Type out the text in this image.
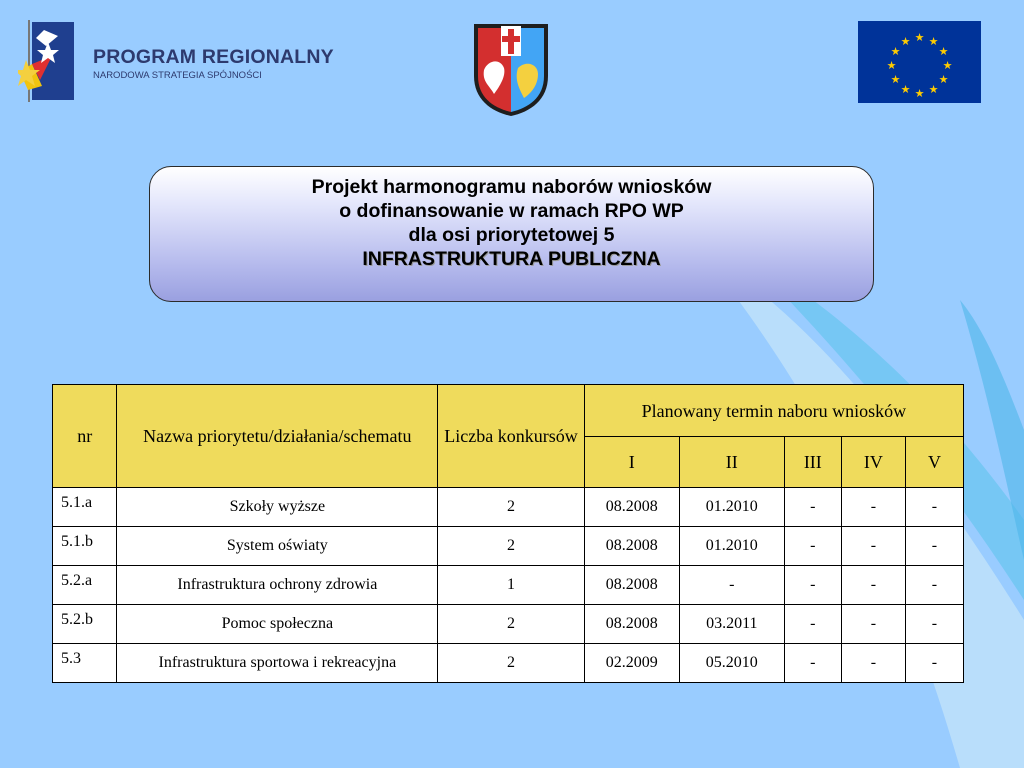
PROGRAM REGIONALNY
NARODOWA STRATEGIA SPÓJNOŚCI
★ ★
★
★
★
★
★
★
★
★
★
★
Projekt harmonogramu naborów wniosków
o dofinansowanie w ramach RPO WP
dla osi priorytetowej 5
INFRASTRUKTURA PUBLICZNA
nr	Nazwa priorytetu/działania/schematu	Liczba konkursów	Planowany termin naboru wniosków				
			I	II	III	IV	V
5.1.a	Szkoły wyższe	2	08.2008	01.2010	-	-	-
5.1.b	System oświaty	2	08.2008	01.2010	-	-	-
5.2.a	Infrastruktura ochrony zdrowia	1	08.2008	-	-	-	-
5.2.b	Pomoc społeczna	2	08.2008	03.2011	-	-	-
5.3	Infrastruktura sportowa i rekreacyjna	2	02.2009	05.2010	-	-	-
